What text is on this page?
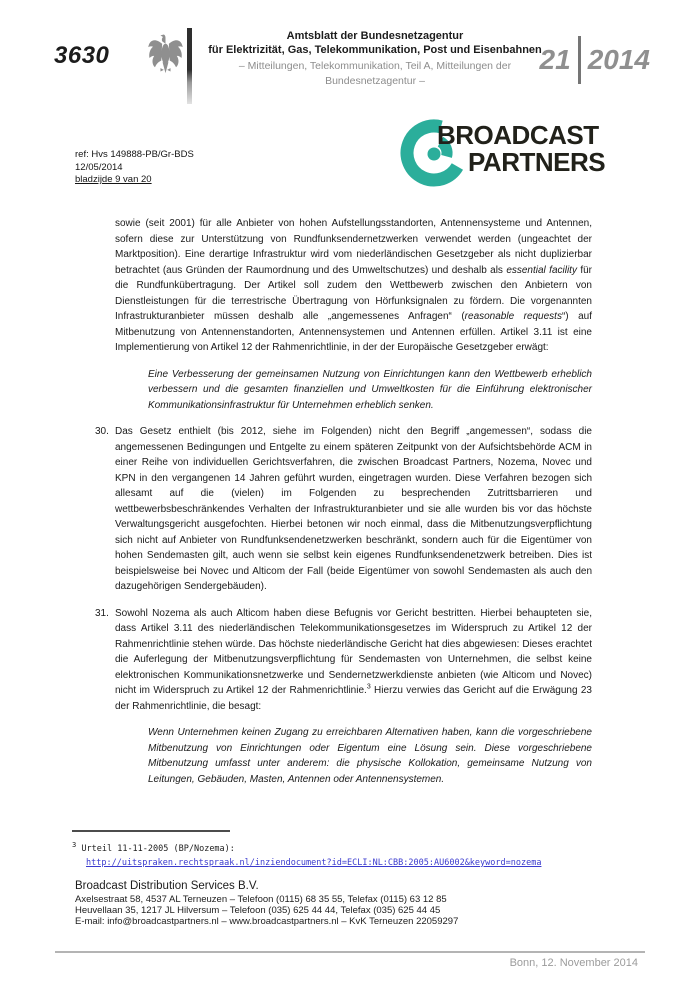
3630
Amtsblatt der Bundesnetzagentur
für Elektrizität, Gas, Telekommunikation, Post und Eisenbahnen
– Mitteilungen, Telekommunikation, Teil A, Mitteilungen der Bundesnetzagentur –
21 2014
ref: Hvs 149888-PB/Gr-BDS
12/05/2014
bladzijde 9 van 20
BROADCAST
PARTNERS
sowie (seit 2001) für alle Anbieter von hohen Aufstellungsstandorten, Antennensysteme und Antennen, sofern diese zur Unterstützung von Rundfunksendernetzwerken verwendet werden (ungeachtet der Marktposition). Eine derartige Infrastruktur wird vom niederländischen Gesetzgeber als nicht duplizierbar betrachtet (aus Gründen der Raumordnung und des Umweltschutzes) und deshalb als essential facility für die Rundfunkübertragung. Der Artikel soll zudem den Wettbewerb zwischen den Anbietern von Dienstleistungen für die terrestrische Übertragung von Hörfunksignalen zu fördern. Die vorgenannten Infrastrukturanbieter müssen deshalb alle „angemessenes Anfragen“ (reasonable requests“) auf Mitbenutzung von Antennenstandorten, Antennensystemen und Antennen erfüllen. Artikel 3.11 ist eine Implementierung von Artikel 12 der Rahmenrichtlinie, in der der Europäische Gesetzgeber erwägt:
Eine Verbesserung der gemeinsamen Nutzung von Einrichtungen kann den Wettbewerb erheblich verbessern und die gesamten finanziellen und Umweltkosten für die Einführung elektronischer Kommunikationsinfrastruktur für Unternehmen erheblich senken.
30. Das Gesetz enthielt (bis 2012, siehe im Folgenden) nicht den Begriff „angemessen“, sodass die angemessenen Bedingungen und Entgelte zu einem späteren Zeitpunkt von der Aufsichtsbehörde ACM in einer Reihe von individuellen Gerichtsverfahren, die zwischen Broadcast Partners, Nozema, Novec und KPN in den vergangenen 14 Jahren geführt wurden, eingetragen wurden. Diese Verfahren bezogen sich allesamt auf die (vielen) im Folgenden zu besprechenden Zutrittsbarrieren und wettbewerbsbeschränkendes Verhalten der Infrastrukturanbieter und sie alle wurden bis vor das höchste Verwaltungsgericht ausgefochten. Hierbei betonen wir noch einmal, dass die Mitbenutzungsverpflichtung sich nicht auf Anbieter von Rundfunksendenetzwerken beschränkt, sondern auch für die Eigentümer von hohen Sendemasten gilt, auch wenn sie selbst kein eigenes Rundfunksendenetzwerk betreiben. Dies ist beispielsweise bei Novec und Alticom der Fall (beide Eigentümer von sowohl Sendemasten als auch den dazugehörigen Sendergebäuden).
31. Sowohl Nozema als auch Alticom haben diese Befugnis vor Gericht bestritten. Hierbei behaupteten sie, dass Artikel 3.11 des niederländischen Telekommunikationsgesetzes im Widerspruch zu Artikel 12 der Rahmenrichtlinie stehen würde. Das höchste niederländische Gericht hat dies abgewiesen: Dieses erachtet die Auferlegung der Mitbenutzungsverpflichtung für Sendemasten von Unternehmen, die selbst keine elektronischen Kommunikationsnetzwerke und Sendernetzwerkdienste anbieten (wie Alticom und Novec) nicht im Widerspruch zu Artikel 12 der Rahmenrichtlinie.$^3$ Hierzu verwies das Gericht auf die Erwägung 23 der Rahmenrichtlinie, die besagt:
Wenn Unternehmen keinen Zugang zu erreichbaren Alternativen haben, kann die vorgeschriebene Mitbenutzung von Einrichtungen oder Eigentum eine Lösung sein. Diese vorgeschriebene Mitbenutzung umfasst unter anderem: die physische Kollokation, gemeinsame Nutzung von Leitungen, Gebäuden, Masten, Antennen oder Antennensystemen.
$^3$ Urteil 11-11-2005 (BP/Nozema):
http://uitspraken.rechtspraak.nl/inziendocument?id=ECLI:NL:CBB:2005:AU6002&keyword=nozema
Broadcast Distribution Services B.V.
Axelsestraat 58, 4537 AL Terneuzen – Telefoon (0115) 68 35 55, Telefax (0115) 63 12 85
Heuvellaan 35, 1217 JL Hilversum – Telefoon (035) 625 44 44, Telefax (035) 625 44 45
E-mail: info@broadcastpartners.nl – www.broadcastpartners.nl – KvK Terneuzen 22059297
Bonn, 12. November 2014
